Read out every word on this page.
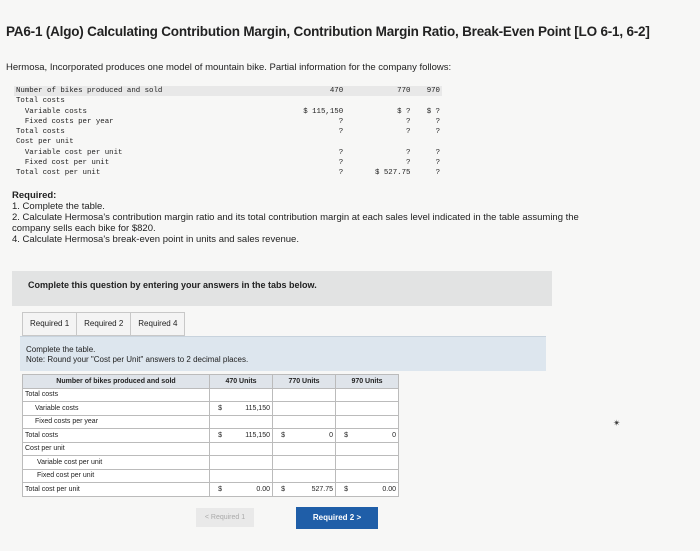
PA6-1 (Algo) Calculating Contribution Margin, Contribution Margin Ratio, Break-Even Point [LO 6-1, 6-2]
Hermosa, Incorporated produces one model of mountain bike. Partial information for the company follows:
Number of bikes produced and sold	470	770	970
Total costs			
Variable costs	$ 115,150	$ ?	$ ?
Fixed costs per year	?	?	?
Total costs	?	?	?
Cost per unit			
Variable cost per unit	?	?	?
Fixed cost per unit	?	?	?
Total cost per unit	?	$ 527.75	?
Required:
1. Complete the table.
2. Calculate Hermosa's contribution margin ratio and its total contribution margin at each sales level indicated in the table assuming the company sells each bike for $820.
4. Calculate Hermosa's break-even point in units and sales revenue.
Complete this question by entering your answers in the tabs below.
Required 1	Required 2	Required 4
Complete the table.
Note: Round your "Cost per Unit" answers to 2 decimal places.
Number of bikes produced and sold	470 Units		770 Units		970 Units	
Total costs						
Variable costs	$	115,150				
Fixed costs per year						
Total costs	$	115,150	$	0	$	0
Cost per unit						
Variable cost per unit						
Fixed cost per unit						
Total cost per unit	$	0.00	$	527.75	$	0.00
< Required 1	Required 2 >
✴
